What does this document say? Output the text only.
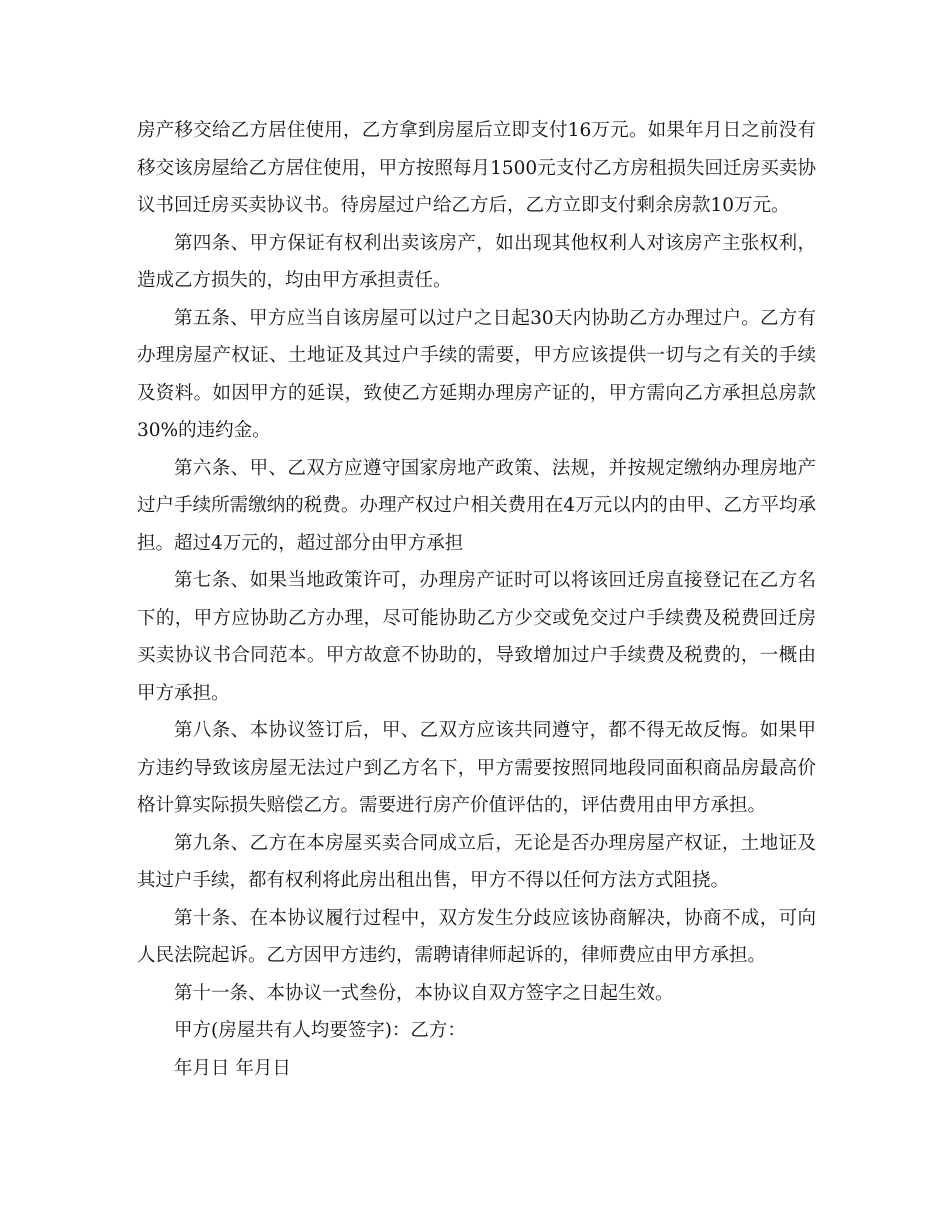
房产移交给乙方居住使用，乙方拿到房屋后立即支付16万元。如果年月日之前没有移交该房屋给乙方居住使用，甲方按照每月1500元支付乙方房租损失回迁房买卖协议书回迁房买卖协议书。待房屋过户给乙方后，乙方立即支付剩余房款10万元。

第四条、甲方保证有权利出卖该房产，如出现其他权利人对该房产主张权利，造成乙方损失的，均由甲方承担责任。

第五条、甲方应当自该房屋可以过户之日起30天内协助乙方办理过户。乙方有办理房屋产权证、土地证及其过户手续的需要，甲方应该提供一切与之有关的手续及资料。如因甲方的延误，致使乙方延期办理房产证的，甲方需向乙方承担总房款30%的违约金。

第六条、甲、乙双方应遵守国家房地产政策、法规，并按规定缴纳办理房地产过户手续所需缴纳的税费。办理产权过户相关费用在4万元以内的由甲、乙方平均承担。超过4万元的，超过部分由甲方承担

第七条、如果当地政策许可，办理房产证时可以将该回迁房直接登记在乙方名下的，甲方应协助乙方办理，尽可能协助乙方少交或免交过户手续费及税费回迁房买卖协议书合同范本。甲方故意不协助的，导致增加过户手续费及税费的，一概由甲方承担。

第八条、本协议签订后，甲、乙双方应该共同遵守，都不得无故反悔。如果甲方违约导致该房屋无法过户到乙方名下，甲方需要按照同地段同面积商品房最高价格计算实际损失赔偿乙方。需要进行房产价值评估的，评估费用由甲方承担。

第九条、乙方在本房屋买卖合同成立后，无论是否办理房屋产权证，土地证及其过户手续，都有权利将此房出租出售，甲方不得以任何方法方式阻挠。

第十条、在本协议履行过程中，双方发生分歧应该协商解决，协商不成，可向人民法院起诉。乙方因甲方违约，需聘请律师起诉的，律师费应由甲方承担。

第十一条、本协议一式叁份，本协议自双方签字之日起生效。

甲方(房屋共有人均要签字)：乙方：

年月日 年月日
